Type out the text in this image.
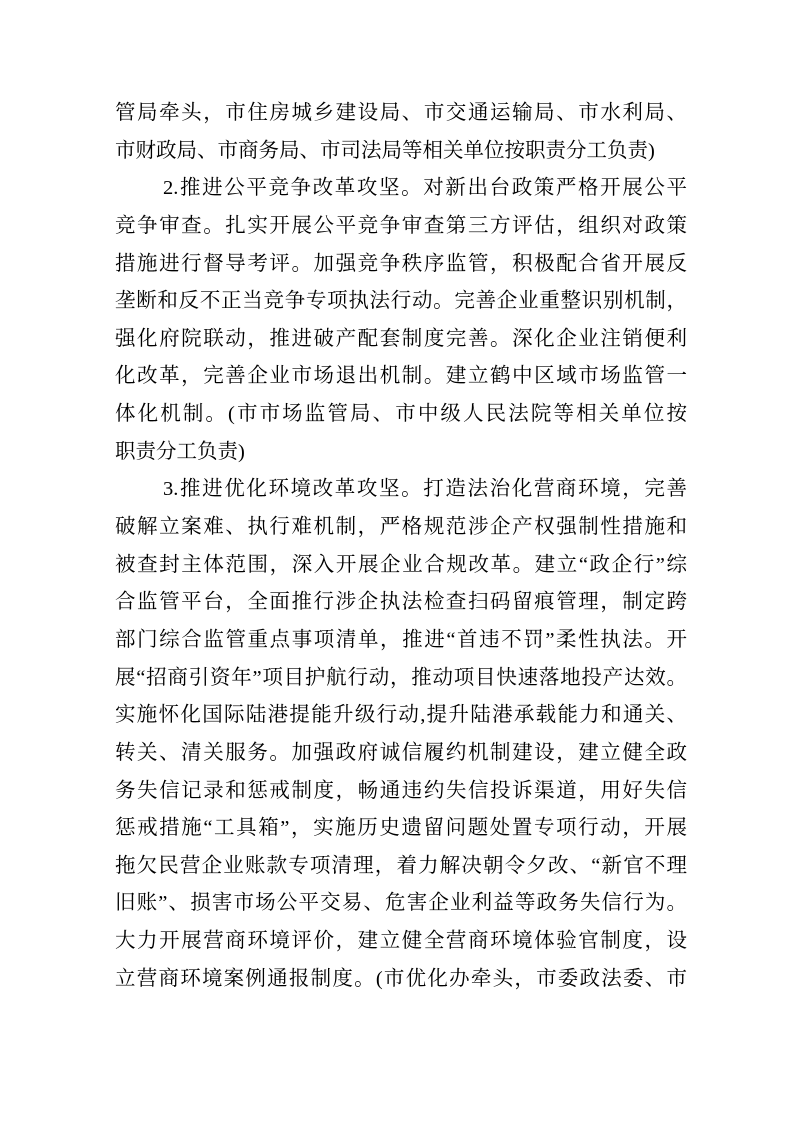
管局牵头，市住房城乡建设局、市交通运输局、市水利局、
市财政局、市商务局、市司法局等相关单位按职责分工负责)
2.推进公平竞争改革攻坚。对新出台政策严格开展公平
竞争审查。扎实开展公平竞争审查第三方评估，组织对政策
措施进行督导考评。加强竞争秩序监管，积极配合省开展反
垄断和反不正当竞争专项执法行动。完善企业重整识别机制，
强化府院联动，推进破产配套制度完善。深化企业注销便利
化改革，完善企业市场退出机制。建立鹤中区域市场监管一
体化机制。(市市场监管局、市中级人民法院等相关单位按
职责分工负责)
3.推进优化环境改革攻坚。打造法治化营商环境，完善
破解立案难、执行难机制，严格规范涉企产权强制性措施和
被查封主体范围，深入开展企业合规改革。建立“政企行”综
合监管平台，全面推行涉企执法检查扫码留痕管理，制定跨
部门综合监管重点事项清单，推进“首违不罚”柔性执法。开
展“招商引资年”项目护航行动，推动项目快速落地投产达效。
实施怀化国际陆港提能升级行动,提升陆港承载能力和通关、
转关、清关服务。加强政府诚信履约机制建设，建立健全政
务失信记录和惩戒制度，畅通违约失信投诉渠道，用好失信
惩戒措施“工具箱”，实施历史遗留问题处置专项行动，开展
拖欠民营企业账款专项清理，着力解决朝令夕改、“新官不理
旧账”、损害市场公平交易、危害企业利益等政务失信行为。
大力开展营商环境评价，建立健全营商环境体验官制度，设
立营商环境案例通报制度。(市优化办牵头，市委政法委、市
